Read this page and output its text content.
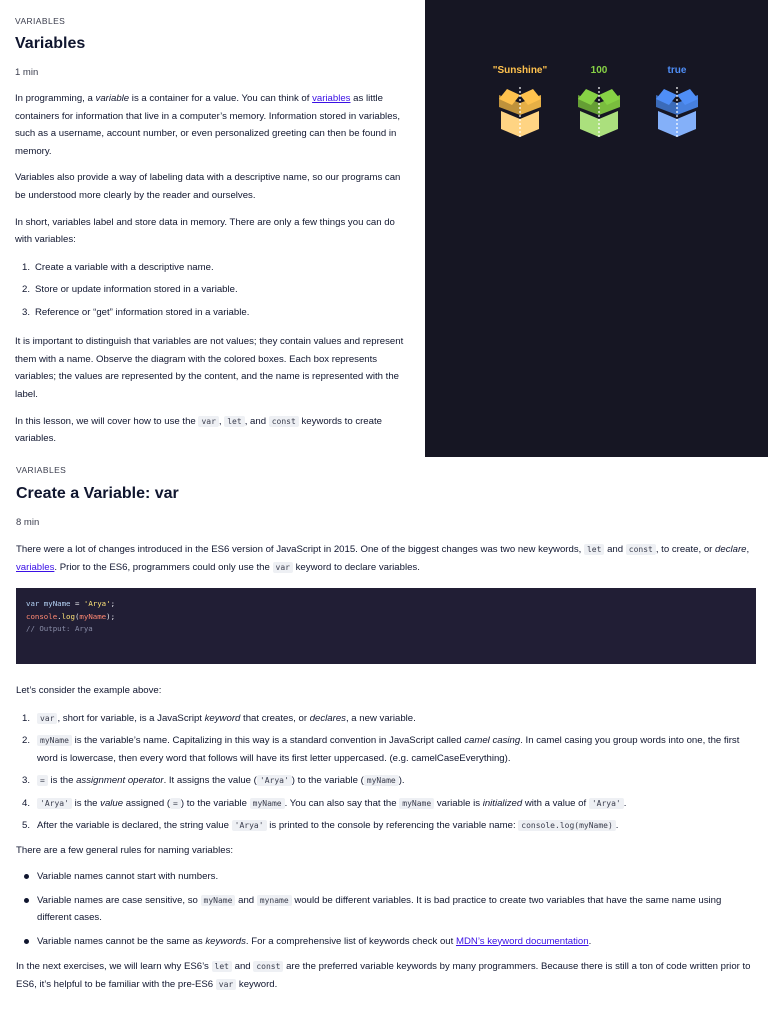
VARIABLES
Variables
1 min

In programming, a variable is a container for a value. You can think of variables as little containers for information that live in a computer’s memory. Information stored in variables, such as a username, account number, or even personalized greeting can then be found in memory.

Variables also provide a way of labeling data with a descriptive name, so our programs can be understood more clearly by the reader and ourselves.

In short, variables label and store data in memory. There are only a few things you can do with variables:

1. Create a variable with a descriptive name.
2. Store or update information stored in a variable.
3. Reference or “get” information stored in a variable.

It is important to distinguish that variables are not values; they contain values and represent them with a name. Observe the diagram with the colored boxes. Each box represents variables; the values are represented by the content, and the name is represented with the label.

In this lesson, we will cover how to use the var , let , and const keywords to create variables.

"Sunshine"	100	true
VARIABLES
Create a Variable: var
8 min

There were a lot of changes introduced in the ES6 version of JavaScript in 2015. One of the biggest changes was two new keywords, let and const , to create, or declare, variables. Prior to the ES6, programmers could only use the var keyword to declare variables.

var myName = 'Arya';
console.log(myName);
// Output: Arya

Let’s consider the example above:

1. var , short for variable, is a JavaScript keyword that creates, or declares, a new variable.
2. myName is the variable’s name. Capitalizing in this way is a standard convention in JavaScript called camel casing. In camel casing you group words into one, the first word is lowercase, then every word that follows will have its first letter uppercased. (e.g. camelCaseEverything).
3. = is the assignment operator. It assigns the value ( 'Arya' ) to the variable ( myName ).
4. 'Arya' is the value assigned ( = ) to the variable myName . You can also say that the myName variable is initialized with a value of 'Arya' .
5. After the variable is declared, the string value 'Arya' is printed to the console by referencing the variable name: console.log(myName) .

There are a few general rules for naming variables:

Variable names cannot start with numbers.
Variable names are case sensitive, so myName and myname would be different variables. It is bad practice to create two variables that have the same name using different cases.
Variable names cannot be the same as keywords. For a comprehensive list of keywords check out MDN’s keyword documentation.

In the next exercises, we will learn why ES6’s let and const are the preferred variable keywords by many programmers. Because there is still a ton of code written prior to ES6, it’s helpful to be familiar with the pre-ES6 var keyword.
